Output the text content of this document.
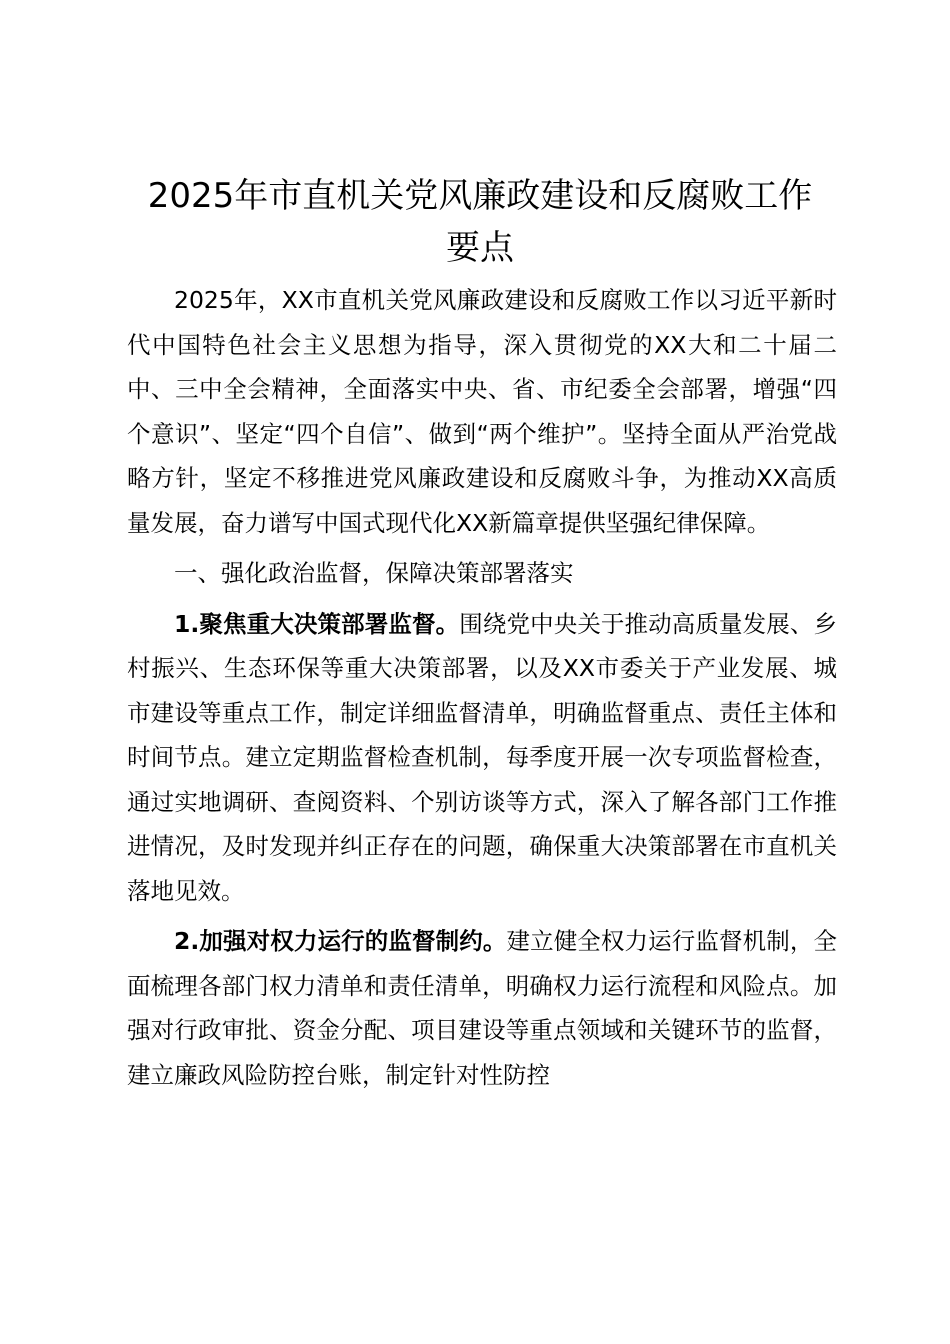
2025年市直机关党风廉政建设和反腐败工作
要点

2025年，XX市直机关党风廉政建设和反腐败工作以习近平新时代中国特色社会主义思想为指导，深入贯彻党的XX大和二十届二中、三中全会精神，全面落实中央、省、市纪委全会部署，增强“四个意识”、坚定“四个自信”、做到“两个维护”。坚持全面从严治党战略方针，坚定不移推进党风廉政建设和反腐败斗争，为推动XX高质量发展，奋力谱写中国式现代化XX新篇章提供坚强纪律保障。

一、强化政治监督，保障决策部署落实

1.聚焦重大决策部署监督。围绕党中央关于推动高质量发展、乡村振兴、生态环保等重大决策部署，以及XX市委关于产业发展、城市建设等重点工作，制定详细监督清单，明确监督重点、责任主体和时间节点。建立定期监督检查机制，每季度开展一次专项监督检查，通过实地调研、查阅资料、个别访谈等方式，深入了解各部门工作推进情况，及时发现并纠正存在的问题，确保重大决策部署在市直机关落地见效。

2.加强对权力运行的监督制约。建立健全权力运行监督机制，全面梳理各部门权力清单和责任清单，明确权力运行流程和风险点。加强对行政审批、资金分配、项目建设等重点领域和关键环节的监督，建立廉政风险防控台账，制定针对性防控
